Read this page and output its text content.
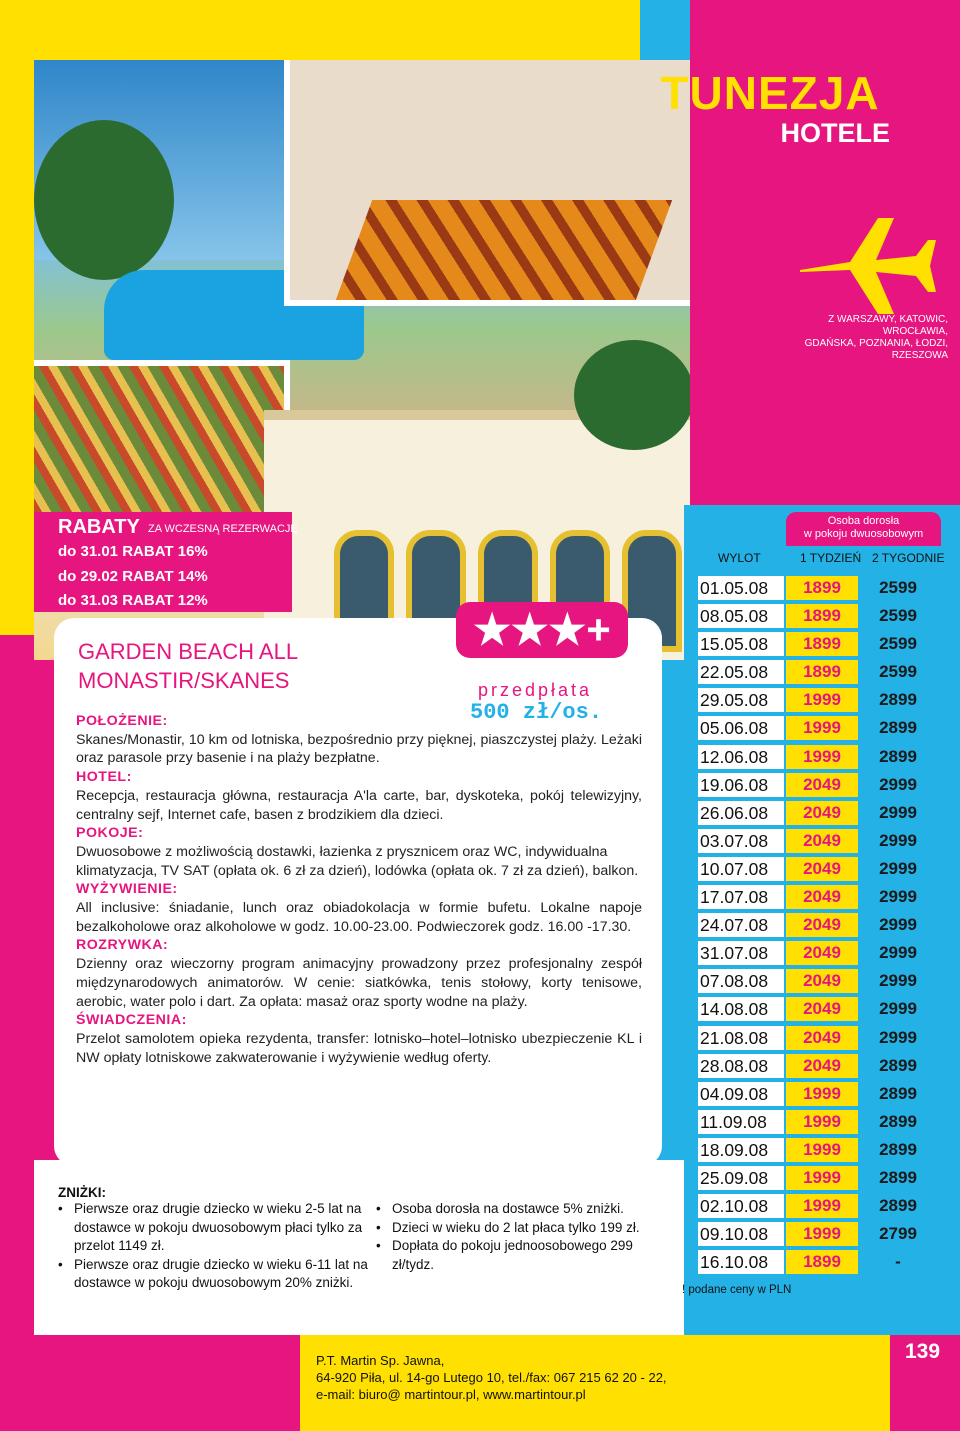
TUNEZJA
HOTELE
Z WARSZAWY, KATOWIC, WROCŁAWIA,
GDAŃSKA, POZNANIA, ŁODZI, RZESZOWA
RABATY ZA WCZESNĄ REZERWACJĘ
do 31.01 RABAT 16%
do 29.02 RABAT 14%
do 31.03 RABAT 12%
GARDEN BEACH ALL
MONASTIR/SKANES
★★★+
przedpłata
500 zł/os.
POŁOŻENIE:
Skanes/Monastir, 10 km od lotniska, bezpośrednio przy pięknej, piaszczystej plaży. Leżaki oraz parasole przy basenie i na plaży bezpłatne.
HOTEL:
Recepcja, restauracja główna, restauracja A'la carte, bar, dyskoteka, pokój telewizyjny, centralny sejf, Internet cafe, basen z brodzikiem dla dzieci.
POKOJE:
Dwuosobowe z możliwością dostawki, łazienka z prysznicem oraz WC, indywidualna
klimatyzacja, TV SAT (opłata ok. 6 zł za dzień), lodówka (opłata ok. 7 zł za dzień), balkon.
WYŻYWIENIE:
All inclusive: śniadanie, lunch oraz obiadokolacja w formie bufetu. Lokalne napoje bezalkoholowe oraz alkoholowe w godz. 10.00-23.00. Podwieczorek godz. 16.00 -17.30.
ROZRYWKA:
Dzienny oraz wieczorny program animacyjny prowadzony przez profesjonalny zespół międzynarodowych animatorów. W cenie: siatkówka, tenis stołowy, korty tenisowe, aerobic, water polo i dart. Za opłata: masaż oraz sporty wodne na plaży.
ŚWIADCZENIA:
Przelot samolotem opieka rezydenta, transfer: lotnisko–hotel–lotnisko ubezpieczenie KL i NW opłaty lotniskowe zakwaterowanie i wyżywienie według oferty.
ZNIŻKI:
• Pierwsze oraz drugie dziecko w wieku 2-5 lat na dostawce w pokoju dwuosobowym płaci tylko za przelot 1149 zł.
• Pierwsze oraz drugie dziecko w wieku 6-11 lat na dostawce w pokoju dwuosobowym 20% zniżki.
• Osoba dorosła na dostawce 5% zniżki.
• Dzieci w wieku do 2 lat płaca tylko 199 zł.
• Dopłata do pokoju jednoosobowego 299 zł/tydz.
Osoba dorosła
w pokoju dwuosobowym
WYLOT	1 TYDZIEŃ 2 TYGODNIE
01.05.08	1899	2599
08.05.08	1899	2599
15.05.08	1899	2599
22.05.08	1899	2599
29.05.08	1999	2899
05.06.08	1999	2899
12.06.08	1999	2899
19.06.08	2049	2999
26.06.08	2049	2999
03.07.08	2049	2999
10.07.08	2049	2999
17.07.08	2049	2999
24.07.08	2049	2999
31.07.08	2049	2999
07.08.08	2049	2999
14.08.08	2049	2999
21.08.08	2049	2999
28.08.08	2049	2899
04.09.08	1999	2899
11.09.08	1999	2899
18.09.08	1999	2899
25.09.08	1999	2899
02.10.08	1999	2899
09.10.08	1999	2799
16.10.08	1899	-
! podane ceny w PLN
P.T. Martin Sp. Jawna,
64-920 Piła, ul. 14-go Lutego 10, tel./fax: 067 215 62 20 - 22,
e-mail: biuro@ martintour.pl, www.martintour.pl
139
